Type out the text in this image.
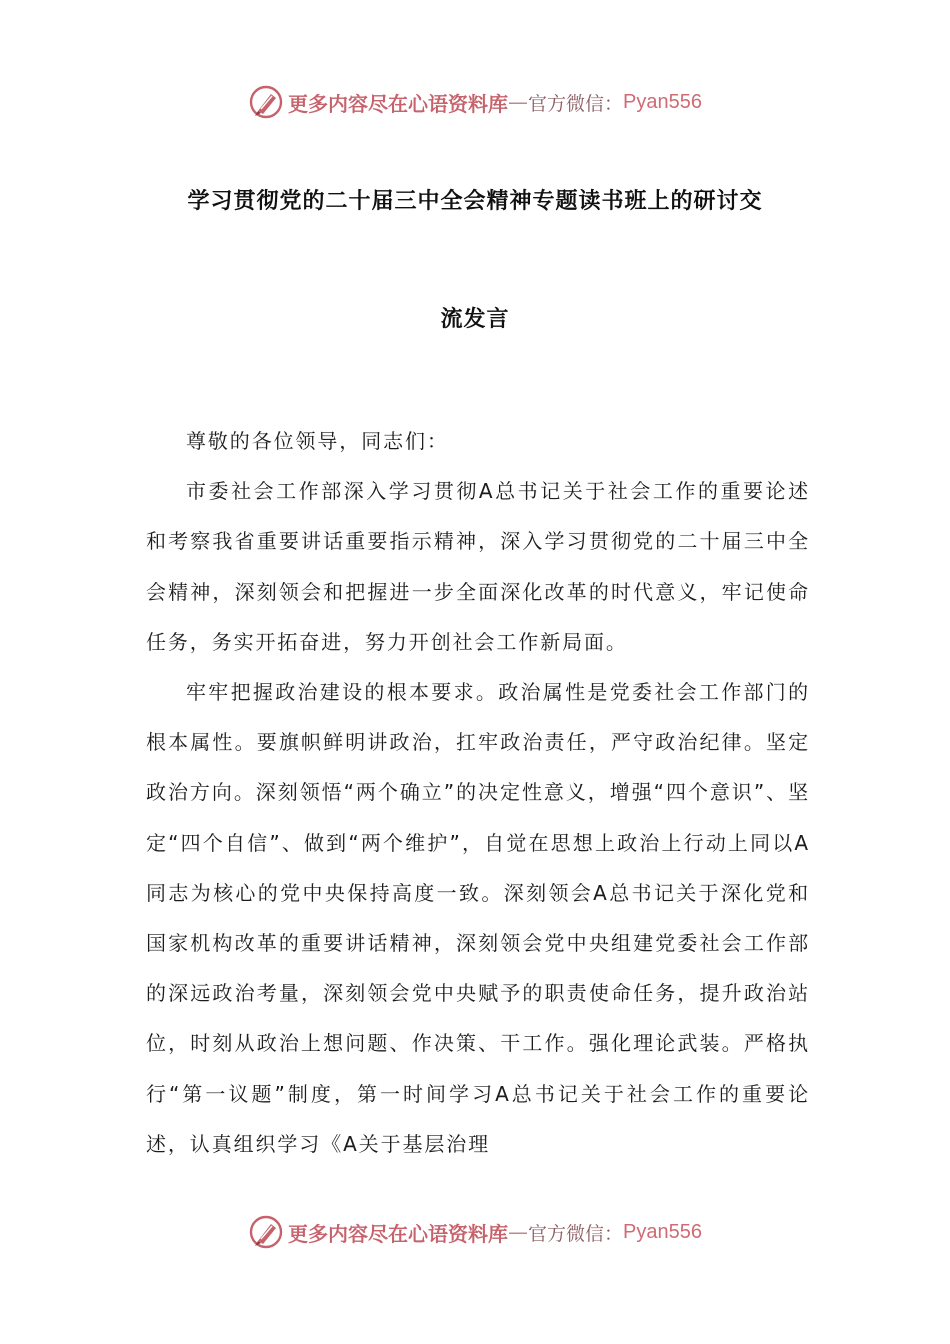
更多内容尽在心语资料库 — 官方微信： Pyan556
学习贯彻党的二十届三中全会精神专题读书班上的研讨交
流发言

尊敬的各位领导，同志们：

市委社会工作部深入学习贯彻A总书记关于社会工作的重要论述和考察我省重要讲话重要指示精神，深入学习贯彻党的二十届三中全会精神，深刻领会和把握进一步全面深化改革的时代意义，牢记使命任务，务实开拓奋进，努力开创社会工作新局面。

牢牢把握政治建设的根本要求。政治属性是党委社会工作部门的根本属性。要旗帜鲜明讲政治，扛牢政治责任，严守政治纪律。坚定政治方向。深刻领悟“两个确立”的决定性意义，增强“四个意识”、坚定“四个自信”、做到“两个维护”，自觉在思想上政治上行动上同以A同志为核心的党中央保持高度一致。深刻领会A总书记关于深化党和国家机构改革的重要讲话精神，深刻领会党中央组建党委社会工作部的深远政治考量，深刻领会党中央赋予的职责使命任务，提升政治站位，时刻从政治上想问题、作决策、干工作。强化理论武装。严格执行“第一议题”制度，第一时间学习A总书记关于社会工作的重要论述，认真组织学习《A关于基层治理

更多内容尽在心语资料库 — 官方微信： Pyan556
